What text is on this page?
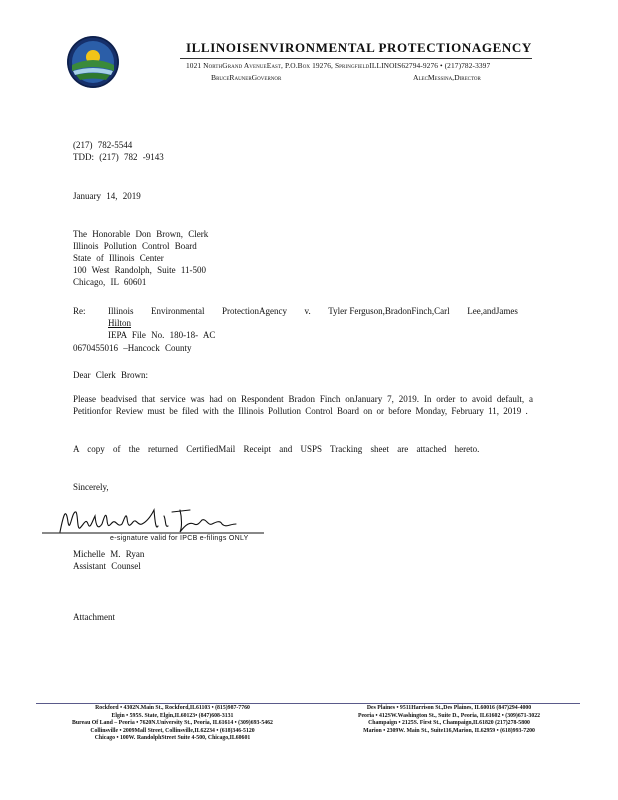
ILLINOISENVIRONMENTAL PROTECTIONAGENCY
1021 NorthGrand AvenueEast, P.O.Box 19276, SpringfieldILLINOIS62794-9276 • (217)782-3397
BruceRaunerGovernor	AlecMessina,Director
(217) 782-5544
TDD: (217) 782 -9143
January 14, 2019
The Honorable Don Brown, Clerk
Illinois Pollution Control Board
State of Illinois Center
100 West Randolph, Suite 11-500
Chicago, IL 60601
Re:	Illinois Environmental ProtectionAgency v. Tyler Ferguson,BradonFinch,Carl Lee,andJames
Hilton
IEPA File No. 180-18- AC
0670455016 –Hancock County
Dear Clerk Brown:
Please beadvised that service was had on Respondent Bradon Finch onJanuary 7, 2019. In order to avoid default, a Petitionfor Review must be filed with the Illinois Pollution Control Board on or before Monday, February 11, 2019 .
A copy of the returned CertifiedMail Receipt and USPS Tracking sheet are attached hereto.
Sincerely,
e-signature valid for IPCB e-filings ONLY
Michelle M. Ryan
Assistant Counsel
Attachment
Rockford • 4302N.Main St., Rockford,IL61103 • (815)987-7760
Elgin • 595S. State, Elgin,IL60123• (847)608-3131
Bureau Of Land – Peoria • 7620N.University St., Peoria, IL61614 • (309)693-5462
Collinsville • 2009Mall Street, Collinsville,IL62234 • (618)346-5120
Chicago • 100W. RandolphStreet Suite 4-500, Chicago,IL60601
Des Plaines • 9511Harrison St.,Des Plaines, IL60016 (847)294-4000
Peoria • 412SW.Washington St., Suite D., Peoria, IL61602 • (309)671-3022
Champaign • 2125S. First St., Champaign,IL61820 (217)278-5800
Marion • 2309W. Main St., Suite116,Marion, IL62959 • (618)993-7200
